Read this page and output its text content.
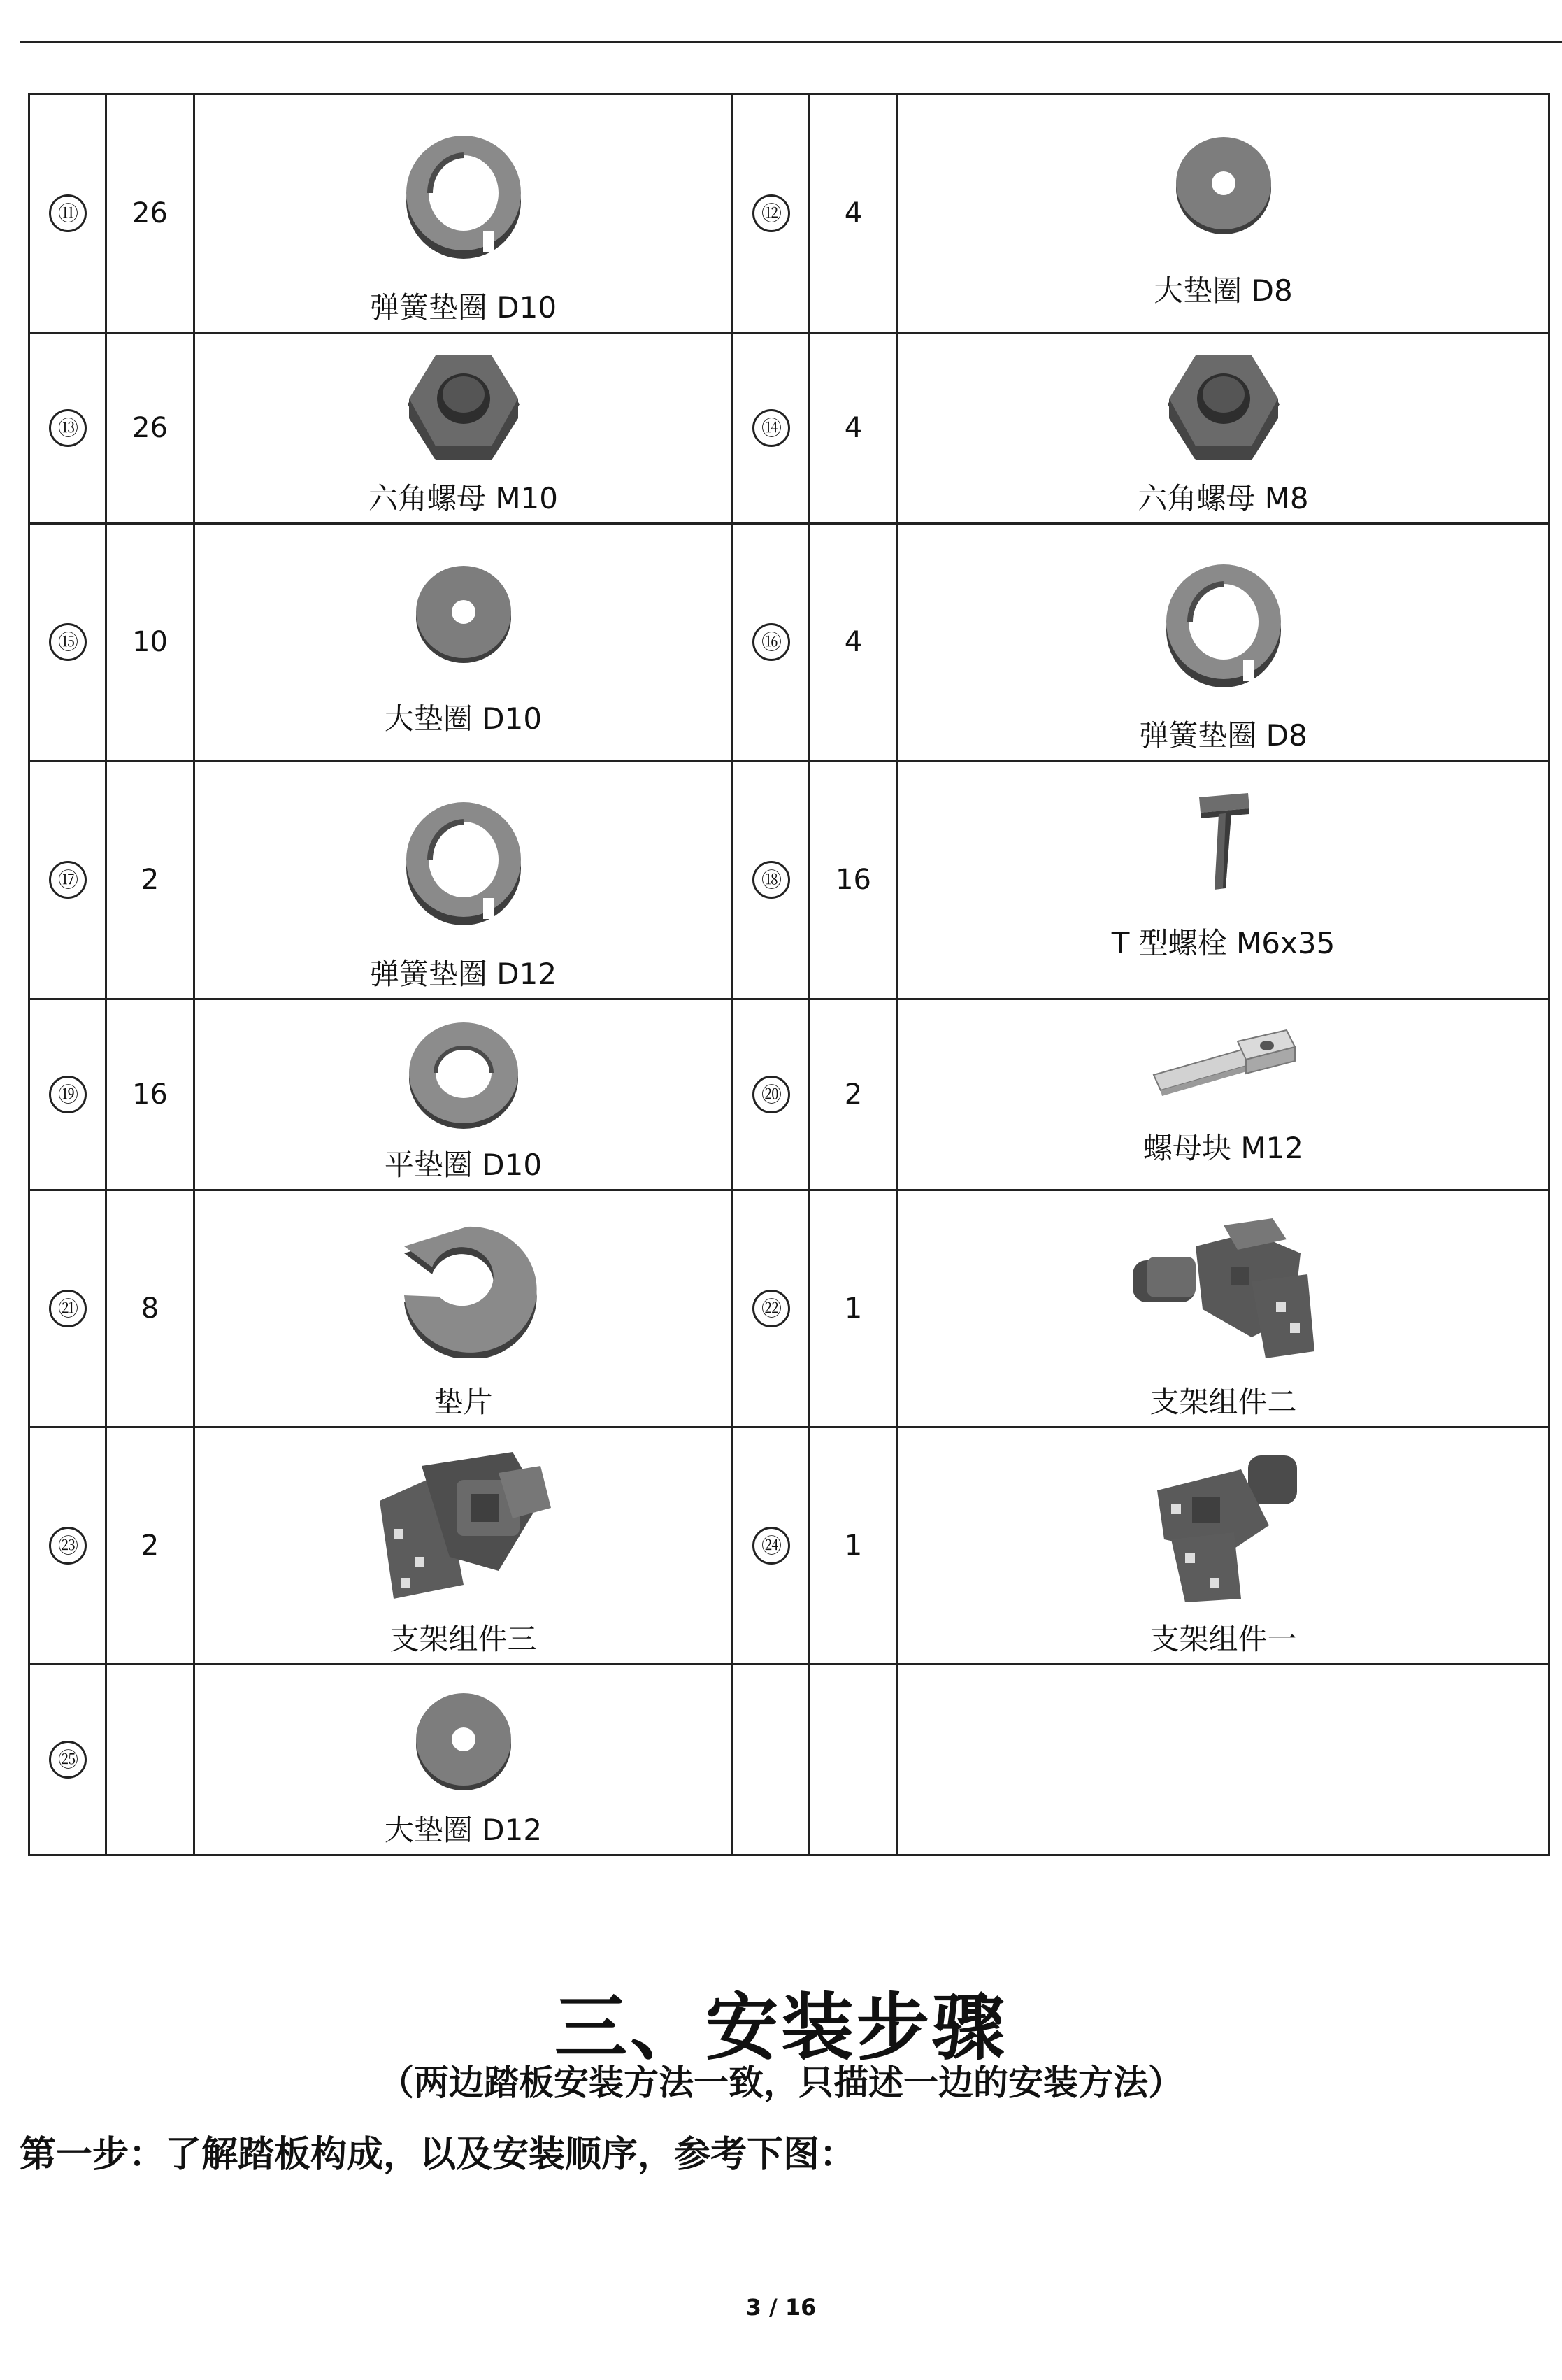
⑪	26	弹簧垫圈 D10	⑫	4	大垫圈 D8

⑬	26	六角螺母 M10	⑭	4	六角螺母 M8

⑮	10	大垫圈 D10	⑯	4	弹簧垫圈 D8

⑰	2	弹簧垫圈 D12	⑱	16	T 型螺栓 M6x35

⑲	16	平垫圈 D10	⑳	2	螺母块 M12

㉑	8	垫片	㉒	1	支架组件二

㉓	2	支架组件三	㉔	1	支架组件一

㉕		大垫圈 D12			

三、安装步骤
（两边踏板安装方法一致，只描述一边的安装方法）
第一步：了解踏板构成，以及安装顺序，参考下图：
3 / 16
